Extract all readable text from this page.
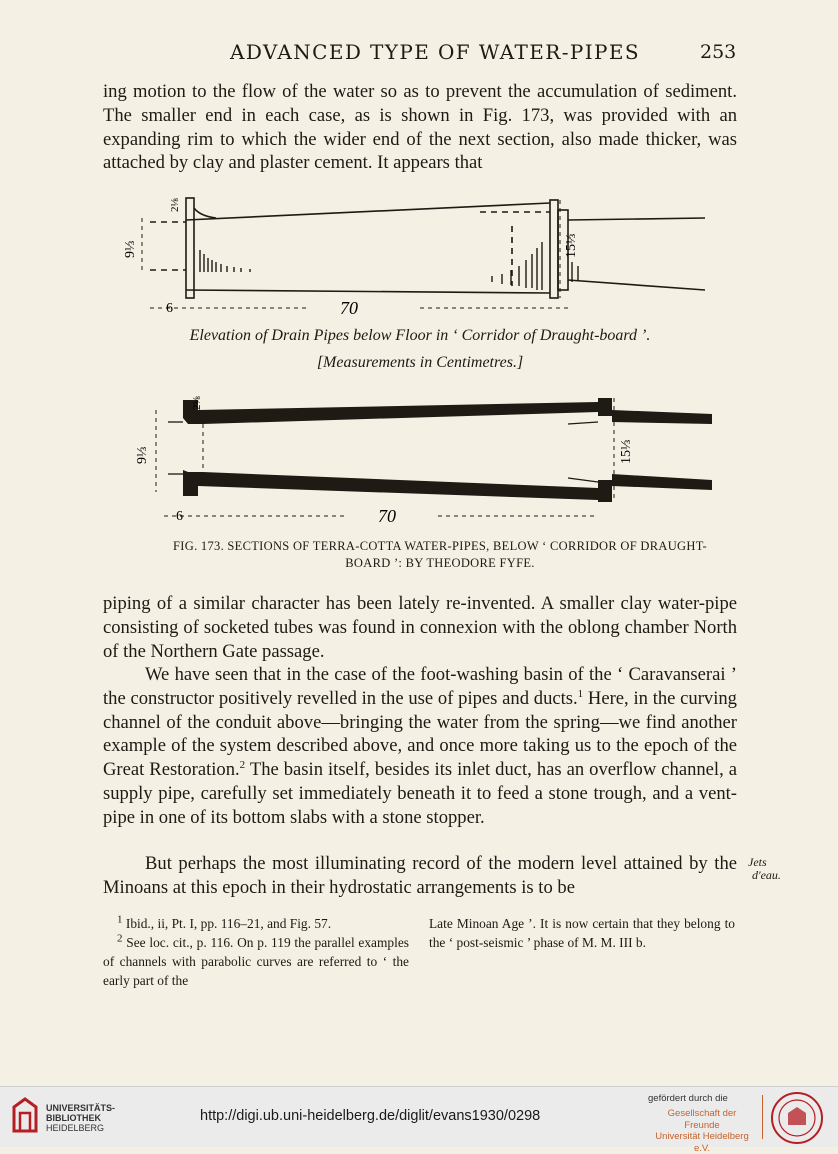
ADVANCED TYPE OF WATER-PIPES	253

ing motion to the flow of the water so as to prevent the accumulation of sediment. The smaller end in each case, as is shown in Fig. 173, was provided with an expanding rim to which the wider end of the next section, also made thicker, was attached by clay and plaster cement. It appears that

2⅛
9⅓	15⅓
6	70
Elevation of Drain Pipes below Floor in ‘ Corridor of Draught-board ’.
[Measurements in Centimetres.]
2⅛
9⅓	15⅓
6	70
FIG. 173. SECTIONS OF TERRA-COTTA WATER-PIPES, BELOW ‘ CORRIDOR OF DRAUGHT-
BOARD ’: BY THEODORE FYFE.

piping of a similar character has been lately re-invented. A smaller clay water-pipe consisting of socketed tubes was found in connexion with the oblong chamber North of the Northern Gate passage.

We have seen that in the case of the foot-washing basin of the ‘ Caravanserai ’ the constructor positively revelled in the use of pipes and ducts.$^1$ Here, in the curving channel of the conduit above—bringing the water from the spring—we find another example of the system described above, and once more taking us to the epoch of the Great Restoration.$^2$ The basin itself, besides its inlet duct, has an overflow channel, a supply pipe, carefully set immediately beneath it to feed a stone trough, and a vent-pipe in one of its bottom slabs with a stone stopper.

But perhaps the most illuminating record of the modern level attained by the Minoans at this epoch in their hydrostatic arrangements is to be

Jets
d'eau.

$^1$ Ibid., ii, Pt. I, pp. 116–21, and Fig. 57.

$^2$ See loc. cit., p. 116. On p. 119 the parallel examples of channels with parabolic curves are referred to ‘ the early part of the

Late Minoan Age ’. It is now certain that they belong to the ‘ post-seismic ’ phase of M. M. III b.

UNIVERSITÄTS-
BIBLIOTHEK
HEIDELBERG
http://digi.ub.uni-heidelberg.de/diglit/evans1930/0298
gefördert durch die
Gesellschaft der Freunde
Universität Heidelberg e.V.
